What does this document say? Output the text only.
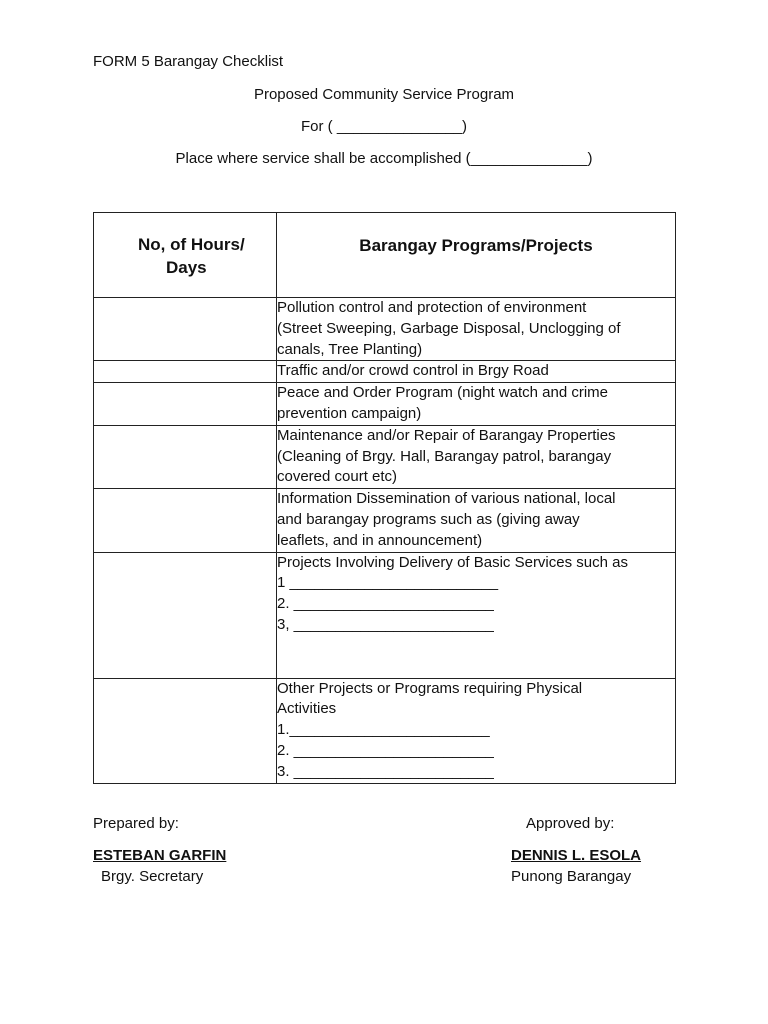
FORM 5 Barangay Checklist
Proposed Community Service Program
For ( _______________)
Place where service shall be accomplished (______________)
No, of Hours/
Days	Barangay Programs/Projects

	Pollution control and protection of environment
(Street Sweeping, Garbage Disposal, Unclogging of
canals, Tree Planting)

	Traffic and/or crowd control in Brgy Road

	Peace and Order Program (night watch and crime
prevention campaign)

	Maintenance and/or Repair of Barangay Properties
(Cleaning of Brgy. Hall, Barangay patrol, barangay
covered court etc)

	Information Dissemination of various national, local
and barangay programs such as (giving away
leaflets, and in announcement)

	Projects Involving Delivery of Basic Services such as
1 _________________________
2. ________________________
3, ________________________

	Other Projects or Programs requiring Physical
Activities
1.________________________
2. ________________________
3. ________________________
Prepared by:	Approved by:
ESTEBAN GARFIN	DENNIS L. ESOLA
Brgy. Secretary	Punong Barangay
